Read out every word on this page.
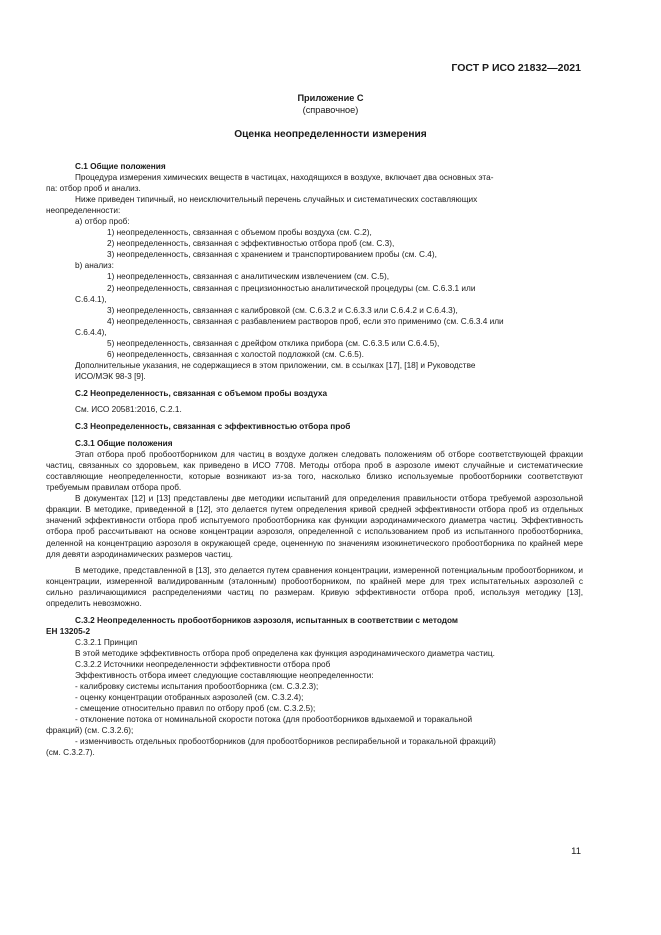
ГОСТ Р ИСО 21832—2021
Приложение С
(справочное)
Оценка неопределенности измерения

С.1 Общие положения

Процедура измерения химических веществ в частицах, находящихся в воздухе, включает два основных эта-

па: отбор проб и анализ.

Ниже приведен типичный, но неисключительный перечень случайных и систематических составляющих

неопределенности:

а) отбор проб:

1) неопределенность, связанная с объемом пробы воздуха (см. С.2),

2) неопределенность, связанная с эффективностью отбора проб (см. С.3),

3) неопределенность, связанная с хранением и транспортированием пробы (см. С.4),

b) анализ:

1) неопределенность, связанная с аналитическим извлечением (см. С.5),

2) неопределенность, связанная с прецизионностью аналитической процедуры (см. С.6.3.1 или

С.6.4.1),

3) неопределенность, связанная с калибровкой (см. С.6.3.2 и С.6.3.3 или С.6.4.2 и С.6.4.3),

4) неопределенность, связанная с разбавлением растворов проб, если это применимо (см. С.6.3.4 или

С.6.4.4),

5) неопределенность, связанная с дрейфом отклика прибора (см. С.6.3.5 или С.6.4.5),

6) неопределенность, связанная с холостой подложкой (см. С.6.5).

Дополнительные указания, не содержащиеся в этом приложении, см. в ссылках [17], [18] и Руководстве

ИСО/МЭК 98-3 [9].

С.2 Неопределенность, связанная с объемом пробы воздуха

См. ИСО 20581:2016, С.2.1.

С.3 Неопределенность, связанная с эффективностью отбора проб

С.3.1 Общие положения

Этап отбора проб пробоотборником для частиц в воздухе должен следовать положениям об отборе соответствующей фракции частиц, связанных со здоровьем, как приведено в ИСО 7708. Методы отбора проб в аэрозоле имеют случайные и систематические составляющие неопределенности, которые возникают из-за того, насколько близко используемые пробоотборники соответствуют требуемым правилам отбора проб.

В документах [12] и [13] представлены две методики испытаний для определения правильности отбора требуемой аэрозольной фракции. В методике, приведенной в [12], это делается путем определения кривой средней эффективности отбора проб из отдельных значений эффективности отбора проб испытуемого пробоотборника как функции аэродинамического диаметра частиц. Эффективность отбора проб рассчитывают на основе концентрации аэрозоля, определенной с использованием проб из испытанного пробоотборника, деленной на концентрацию аэрозоля в окружающей среде, оцененную по значениям изокинетического пробоотборника по крайней мере для девяти аэродинамических размеров частиц.

В методике, представленной в [13], это делается путем сравнения концентрации, измеренной потенциальным пробоотборником, и концентрации, измеренной валидированным (эталонным) пробоотборником, по крайней мере для трех испытательных аэрозолей с сильно различающимися распределениями частиц по размерам. Кривую эффективности отбора проб, используя методику [13], определить невозможно.

С.3.2 Неопределенность пробоотборников аэрозоля, испытанных в соответствии с методом

ЕН 13205-2

С.3.2.1 Принцип

В этой методике эффективность отбора проб определена как функция аэродинамического диаметра частиц.

С.3.2.2 Источники неопределенности эффективности отбора проб

Эффективность отбора имеет следующие составляющие неопределенности:

- калибровку системы испытания пробоотборника (см. С.3.2.3);

- оценку концентрации отобранных аэрозолей (см. С.3.2.4);

- смещение относительно правил по отбору проб (см. С.3.2.5);

- отклонение потока от номинальной скорости потока (для пробоотборников вдыхаемой и торакальной

фракций) (см. С.3.2.6);

- изменчивость отдельных пробоотборников (для пробоотборников респирабельной и торакальной фракций)

(см. С.3.2.7).

11
